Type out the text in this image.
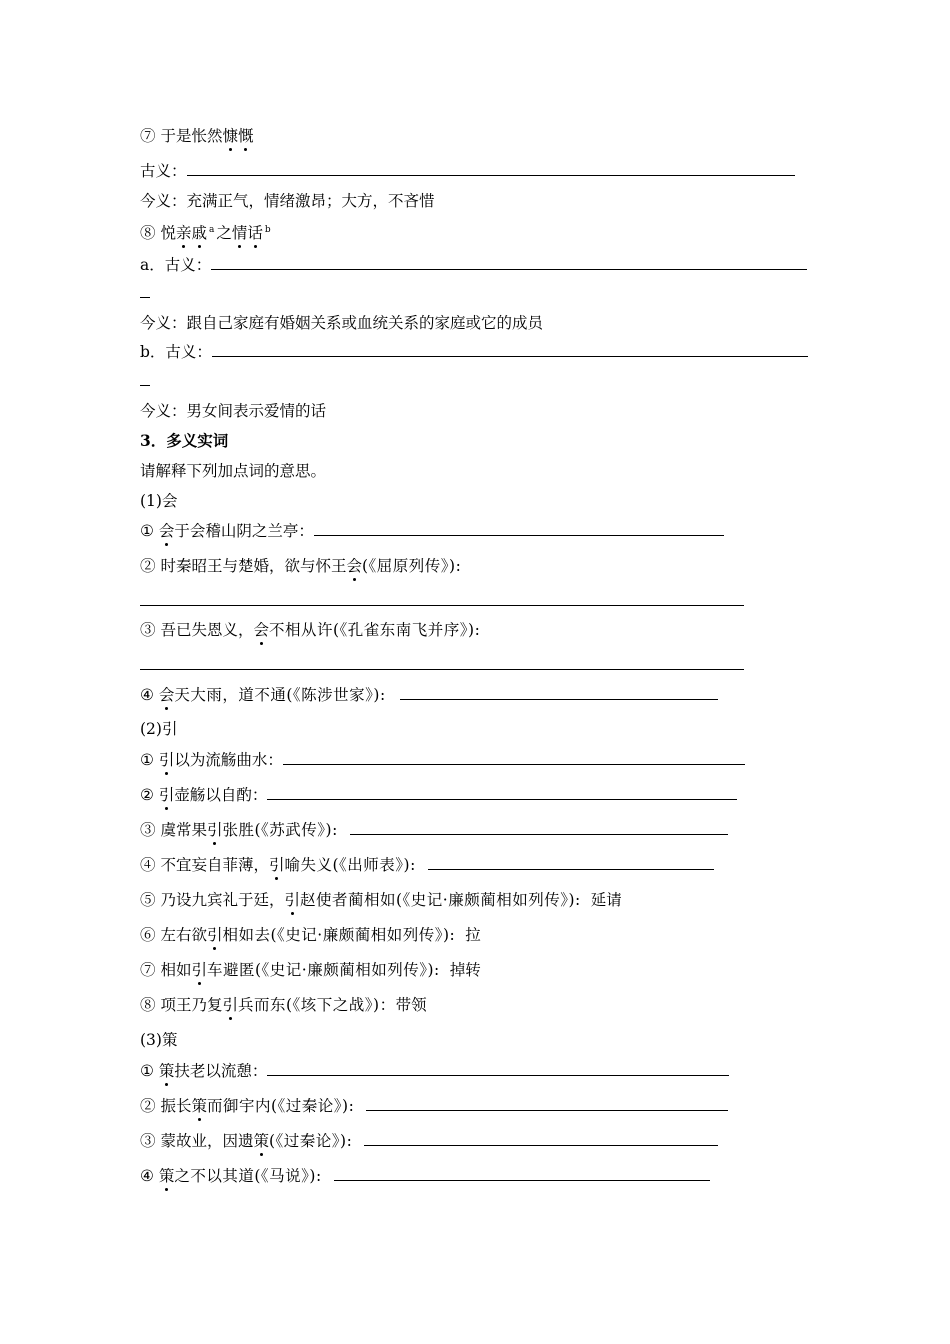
⑦ 于是怅然慷慨
古义：
今义：充满正气，情绪激昂；大方，不吝惜
⑧ 悦亲戚 $^a$ 之情话 $^b$
a．古义：
今义：跟自己家庭有婚姻关系或血统关系的家庭或它的成员
b．古义：
今义：男女间表示爱情的话
3．多义实词
请解释下列加点词的意思。
(1)会
① 会于会稽山阴之兰亭：
② 时秦昭王与楚婚，欲与怀王会(《屈原列传》):
③ 吾已失恩义，会不相从许(《孔雀东南飞并序》):
④ 会天大雨，道不通(《陈涉世家》):
(2)引
① 引以为流觞曲水：
② 引壶觞以自酌：
③ 虞常果引张胜(《苏武传》):
④ 不宜妄自菲薄，引喻失义(《出师表》):
⑤ 乃设九宾礼于廷，引赵使者蔺相如(《史记·廉颇蔺相如列传》): 延请
⑥ 左右欲引相如去(《史记·廉颇蔺相如列传》): 拉
⑦ 相如引车避匿(《史记·廉颇蔺相如列传》): 掉转
⑧ 项王乃复引兵而东(《垓下之战》)：带领
(3)策
① 策扶老以流憩：
② 振长策而御宇内(《过秦论》):
③ 蒙故业，因遗策(《过秦论》):
④ 策之不以其道(《马说》):
